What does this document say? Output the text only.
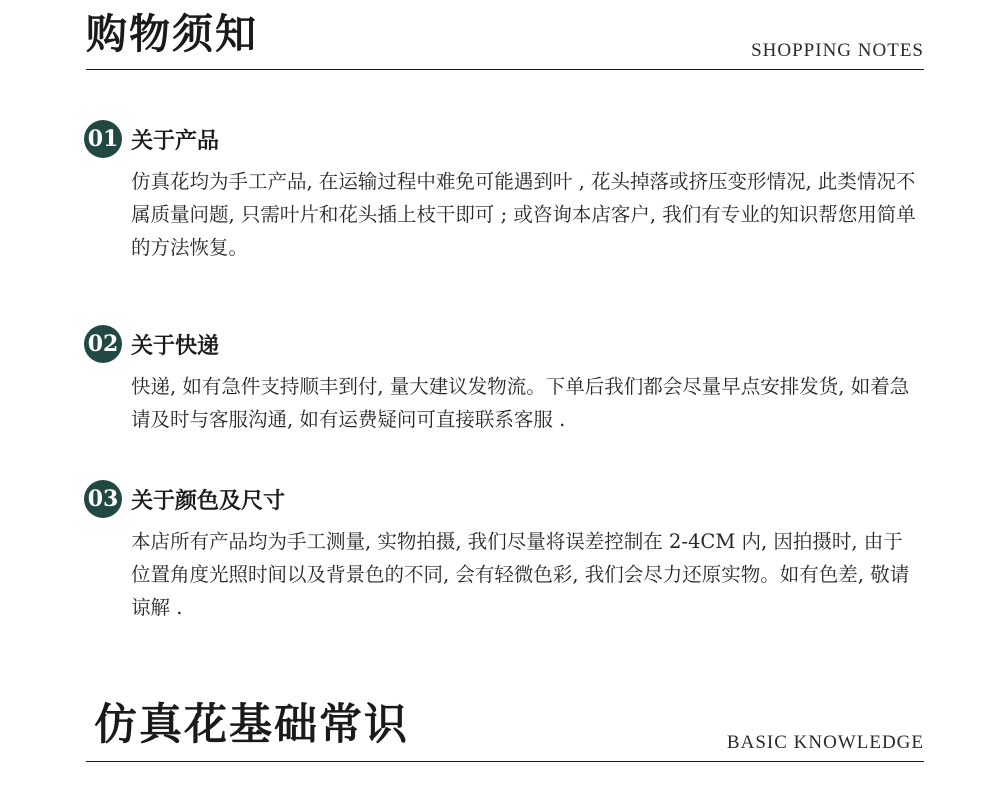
购物须知	SHOPPING NOTES
01 关于产品
仿真花均为手工产品, 在运输过程中难免可能遇到叶 , 花头掉落或挤压变形情况, 此类情况不属质量问题, 只需叶片和花头插上枝干即可 ; 或咨询本店客户, 我们有专业的知识帮您用简单的方法恢复。
02 关于快递
快递, 如有急件支持顺丰到付, 量大建议发物流。下单后我们都会尽量早点安排发货, 如着急请及时与客服沟通, 如有运费疑问可直接联系客服 .
03 关于颜色及尺寸
本店所有产品均为手工测量, 实物拍摄, 我们尽量将误差控制在 2-4CM 内, 因拍摄时, 由于位置角度光照时间以及背景色的不同, 会有轻微色彩, 我们会尽力还原实物。如有色差, 敬请谅解 .
仿真花基础常识	BASIC KNOWLEDGE
